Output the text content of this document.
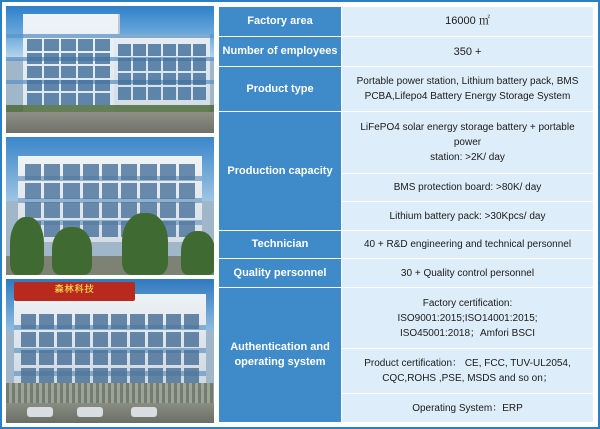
森林科技
Factory area	16000 ㎡

Number of employees	350 +

Product type	Portable power station, Lithium battery pack, BMS
PCBA,Lifepo4 Battery Energy Storage System

Production capacity	LiFePO4 solar energy storage battery + portable power
station: >2K/ day

	BMS protection board: >80K/ day

	Lithium battery pack: >30Kpcs/ day

Technician	40 + R&D engineering and technical personnel

Quality personnel	30 + Quality control personnel

Authentication and operating system	Factory certification:
ISO9001:2015;ISO14001:2015;
ISO45001:2018；Amfori BSCI

	Product certification： CE, FCC, TUV-UL2054,
CQC,ROHS ,PSE, MSDS and so on；

	Operating System：ERP
